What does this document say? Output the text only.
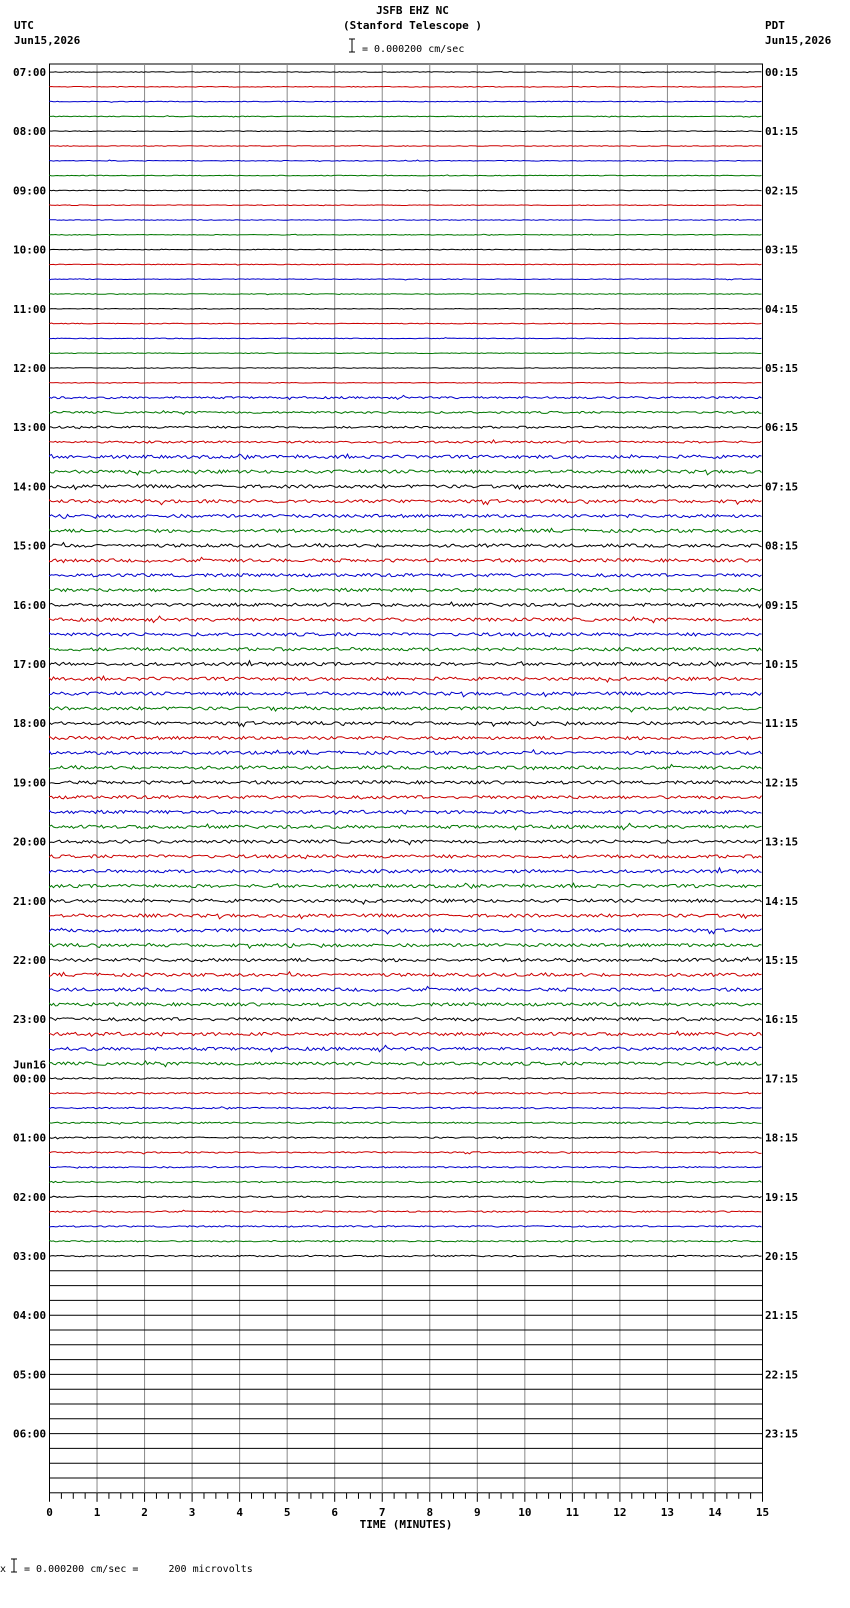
JSFB EHZ NC
(Stanford Telescope )
UTC
Jun15,2026
PDT
Jun15,2026
= 0.000200 cm/sec
07:00	00:15
08:00	01:15
09:00	02:15
10:00	03:15
11:00	04:15
12:00	05:15
13:00	06:15
14:00	07:15
15:00	08:15
16:00	09:15
17:00	10:15
18:00	11:15
19:00	12:15
20:00	13:15
21:00	14:15
22:00	15:15
23:00	16:15
00:00	17:15
01:00	18:15
02:00	19:15
03:00	20:15
04:00	21:15
05:00	22:15
06:00	23:15
Jun16
0	1	2	3	4	5	6	7	8	9	10	11	12	13	14	15
TIME (MINUTES)

x

= 0.000200 cm/sec =     200 microvolts
